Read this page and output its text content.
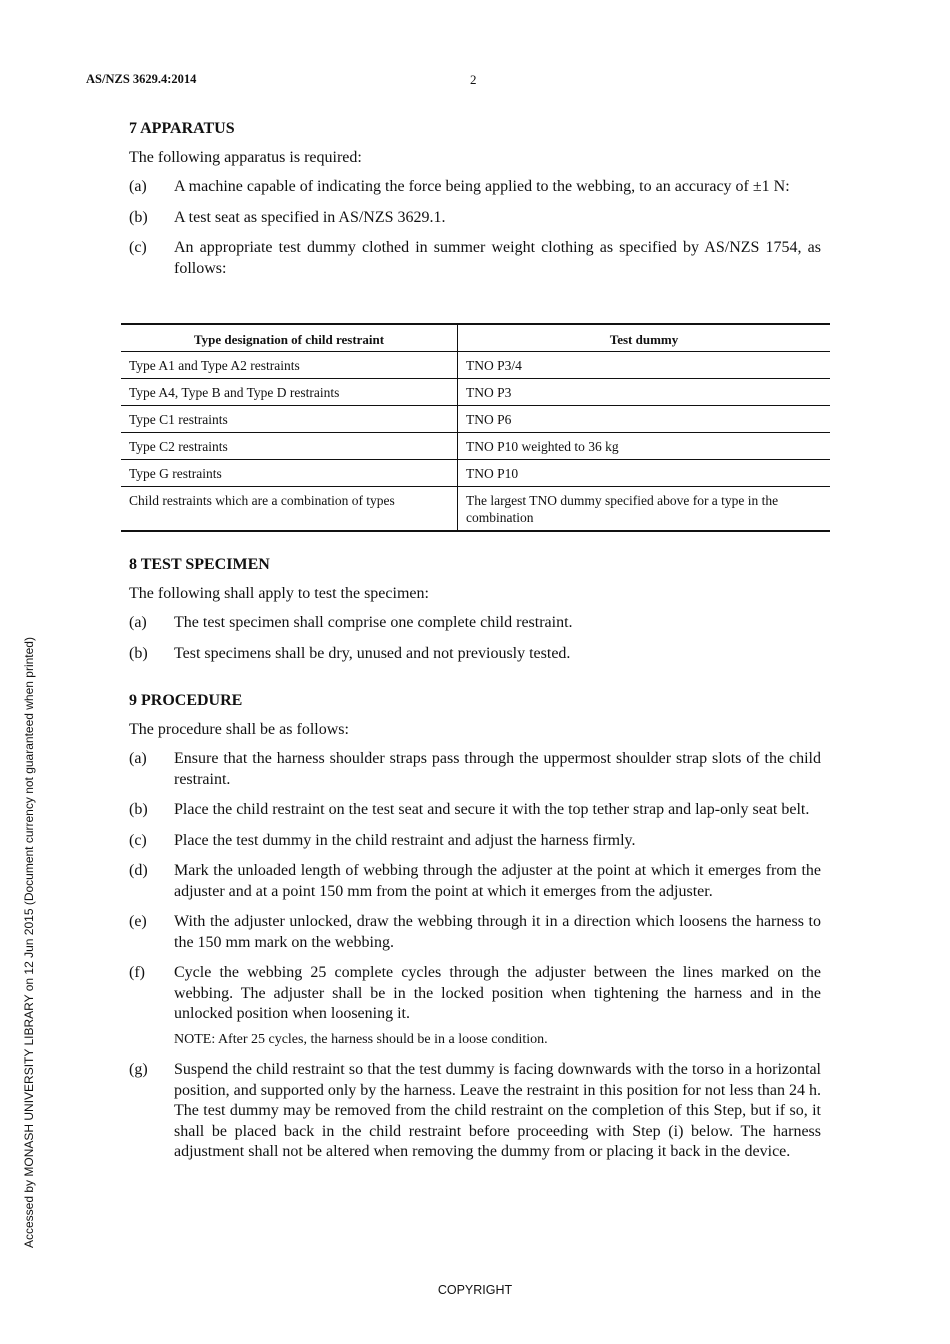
AS/NZS 3629.4:2014	2
Accessed by MONASH UNIVERSITY LIBRARY on 12 Jun 2015 (Document currency not guaranteed when printed)
7 APPARATUS
The following apparatus is required:
(a)	A machine capable of indicating the force being applied to the webbing, to an accuracy of ±1 N:
(b)	A test seat as specified in AS/NZS 3629.1.
(c)	An appropriate test dummy clothed in summer weight clothing as specified by AS/NZS 1754, as follows:
Type designation of child restraint	Test dummy
Type A1 and Type A2 restraints	TNO P3/4
Type A4, Type B and Type D restraints	TNO P3
Type C1 restraints	TNO P6
Type C2 restraints	TNO P10 weighted to 36 kg
Type G restraints	TNO P10
Child restraints which are a combination of types	The largest TNO dummy specified above for a type in the combination
8 TEST SPECIMEN
The following shall apply to test the specimen:
(a)	The test specimen shall comprise one complete child restraint.
(b)	Test specimens shall be dry, unused and not previously tested.
9 PROCEDURE
The procedure shall be as follows:
(a)	Ensure that the harness shoulder straps pass through the uppermost shoulder strap slots of the child restraint.
(b)	Place the child restraint on the test seat and secure it with the top tether strap and lap-only seat belt.
(c)	Place the test dummy in the child restraint and adjust the harness firmly.
(d)	Mark the unloaded length of webbing through the adjuster at the point at which it emerges from the adjuster and at a point 150 mm from the point at which it emerges from the adjuster.
(e)	With the adjuster unlocked, draw the webbing through it in a direction which loosens the harness to the 150 mm mark on the webbing.
(f)	Cycle the webbing 25 complete cycles through the adjuster between the lines marked on the webbing. The adjuster shall be in the locked position when tightening the harness and in the unlocked position when loosening it.
NOTE: After 25 cycles, the harness should be in a loose condition.
(g)	Suspend the child restraint so that the test dummy is facing downwards with the torso in a horizontal position, and supported only by the harness. Leave the restraint in this position for not less than 24 h. The test dummy may be removed from the child restraint on the completion of this Step, but if so, it shall be placed back in the child restraint before proceeding with Step (i) below. The harness adjustment shall not be altered when removing the dummy from or placing it back in the device.
COPYRIGHT
